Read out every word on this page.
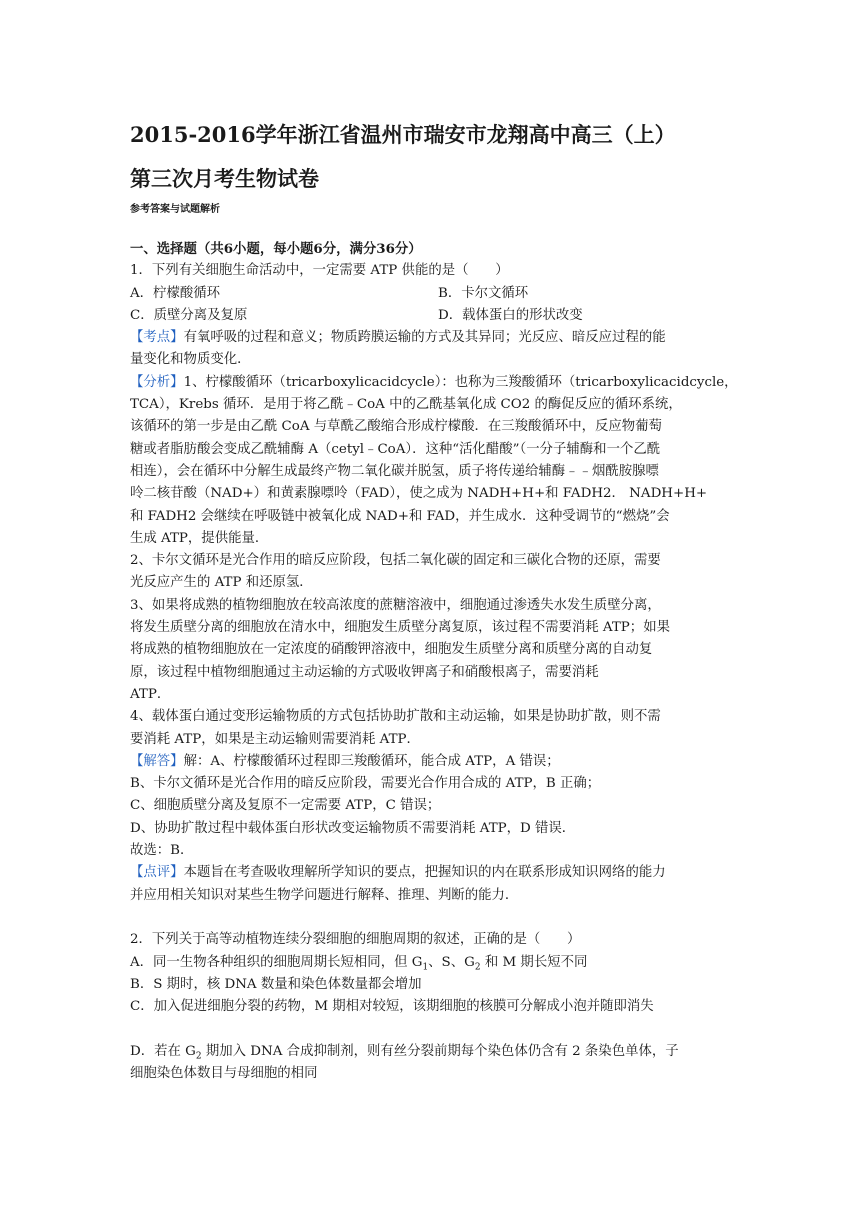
2015-2016学年浙江省温州市瑞安市龙翔高中高三（上）
第三次月考生物试卷
参考答案与试题解析
一、选择题（共6小题，每小题6分，满分36分）
1．下列有关细胞生命活动中，一定需要 ATP 供能的是（　　）
A．柠檬酸循环	B．卡尔文循环
C．质壁分离及复原	D．载体蛋白的形状改变
【考点】有氧呼吸的过程和意义；物质跨膜运输的方式及其异同；光反应、暗反应过程的能
量变化和物质变化．
【分析】1、柠檬酸循环（tricarboxylicacidcycle）：也称为三羧酸循环（tricarboxylicacidcycle，
TCA），Krebs 循环．是用于将乙酰﹣CoA 中的乙酰基氧化成 CO2 的酶促反应的循环系统，
该循环的第一步是由乙酰 CoA 与草酰乙酸缩合形成柠檬酸．在三羧酸循环中，反应物葡萄
糖或者脂肪酸会变成乙酰辅酶 A（cetyl﹣CoA）．这种“活化醋酸”（一分子辅酶和一个乙酰
相连），会在循环中分解生成最终产物二氧化碳并脱氢，质子将传递给辅酶﹣﹣烟酰胺腺嘌
呤二核苷酸（NAD+）和黄素腺嘌呤（FAD），使之成为 NADH+H+和 FADH2． NADH+H+
和 FADH2 会继续在呼吸链中被氧化成 NAD+和 FAD，并生成水．这种受调节的“燃烧”会
生成 ATP，提供能量．
2、卡尔文循环是光合作用的暗反应阶段，包括二氧化碳的固定和三碳化合物的还原，需要
光反应产生的 ATP 和还原氢．
3、如果将成熟的植物细胞放在较高浓度的蔗糖溶液中，细胞通过渗透失水发生质壁分离，
将发生质壁分离的细胞放在清水中，细胞发生质壁分离复原，该过程不需要消耗 ATP；如果
将成熟的植物细胞放在一定浓度的硝酸钾溶液中，细胞发生质壁分离和质壁分离的自动复
原，该过程中植物细胞通过主动运输的方式吸收钾离子和硝酸根离子，需要消耗
ATP．
4、载体蛋白通过变形运输物质的方式包括协助扩散和主动运输，如果是协助扩散，则不需
要消耗 ATP，如果是主动运输则需要消耗 ATP．
【解答】解：A、柠檬酸循环过程即三羧酸循环，能合成 ATP，A 错误；
B、卡尔文循环是光合作用的暗反应阶段，需要光合作用合成的 ATP，B 正确；
C、细胞质壁分离及复原不一定需要 ATP，C 错误；
D、协助扩散过程中载体蛋白形状改变运输物质不需要消耗 ATP，D 错误．
故选：B．
【点评】本题旨在考查吸收理解所学知识的要点，把握知识的内在联系形成知识网络的能力
并应用相关知识对某些生物学问题进行解释、推理、判断的能力．
2．下列关于高等动植物连续分裂细胞的细胞周期的叙述，正确的是（　　）
A．同一生物各种组织的细胞周期长短相同，但 $G_1$、S、$G_2$ 和 M 期长短不同
B．S 期时，核 DNA 数量和染色体数量都会增加
C．加入促进细胞分裂的药物，M 期相对较短，该期细胞的核膜可分解成小泡并随即消失
D．若在 $G_2$ 期加入 DNA 合成抑制剂，则有丝分裂前期每个染色体仍含有 2 条染色单体，子
细胞染色体数目与母细胞的相同
